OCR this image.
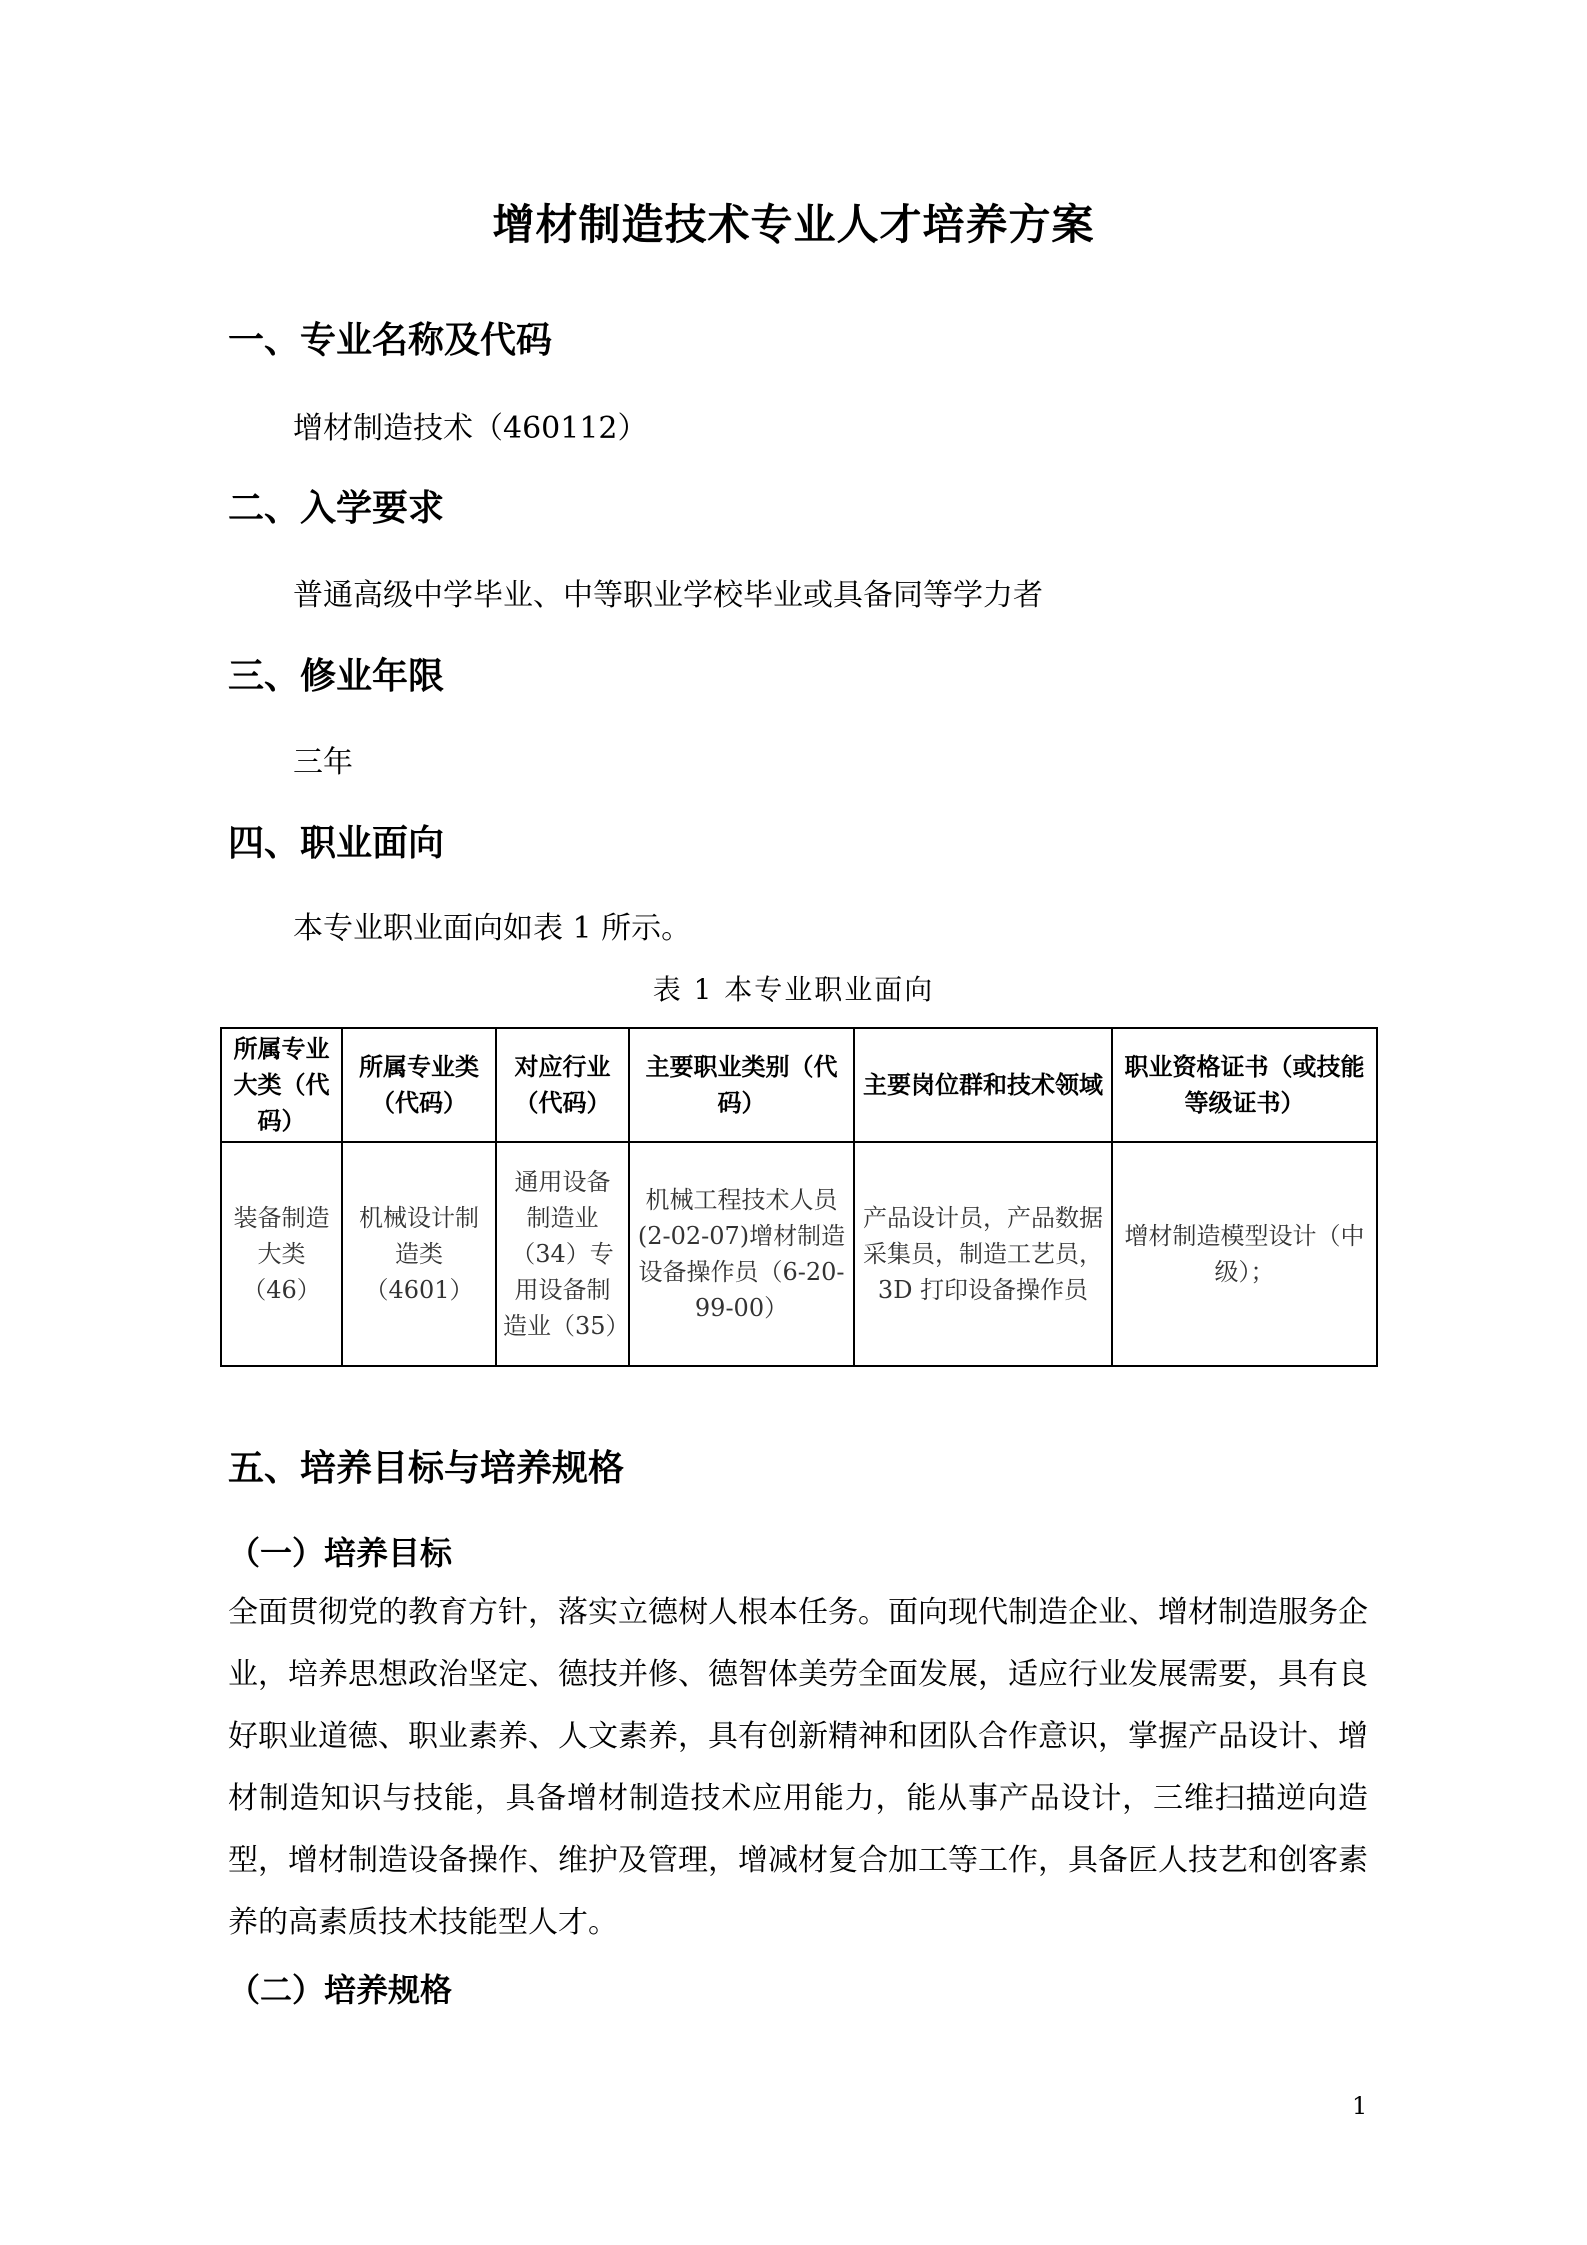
增材制造技术专业人才培养方案
一、专业名称及代码
增材制造技术（460112）
二、入学要求
普通高级中学毕业、中等职业学校毕业或具备同等学力者
三、修业年限
三年
四、职业面向
本专业职业面向如表 1 所示。
表 1 本专业职业面向
所属专业大类（代码）	所属专业类（代码）	对应行业（代码）	主要职业类别（代码）	主要岗位群和技术领域	职业资格证书（或技能等级证书）
装备制造大类（46）	机械设计制造类（4601）	通用设备制造业（34）专用设备制造业（35）	机械工程技术人员(2-02-07)增材制造设备操作员（6-20-99-00）	产品设计员，产品数据采集员，制造工艺员，3D 打印设备操作员	增材制造模型设计（中级）；
五、培养目标与培养规格
（一）培养目标
全面贯彻党的教育方针，落实立德树人根本任务。面向现代制造企业、增材制造服务企业，培养思想政治坚定、德技并修、德智体美劳全面发展，适应行业发展需要，具有良好职业道德、职业素养、人文素养，具有创新精神和团队合作意识，掌握产品设计、增材制造知识与技能，具备增材制造技术应用能力，能从事产品设计，三维扫描逆向造型，增材制造设备操作、维护及管理，增减材复合加工等工作，具备匠人技艺和创客素养的高素质技术技能型人才。
（二）培养规格
1
